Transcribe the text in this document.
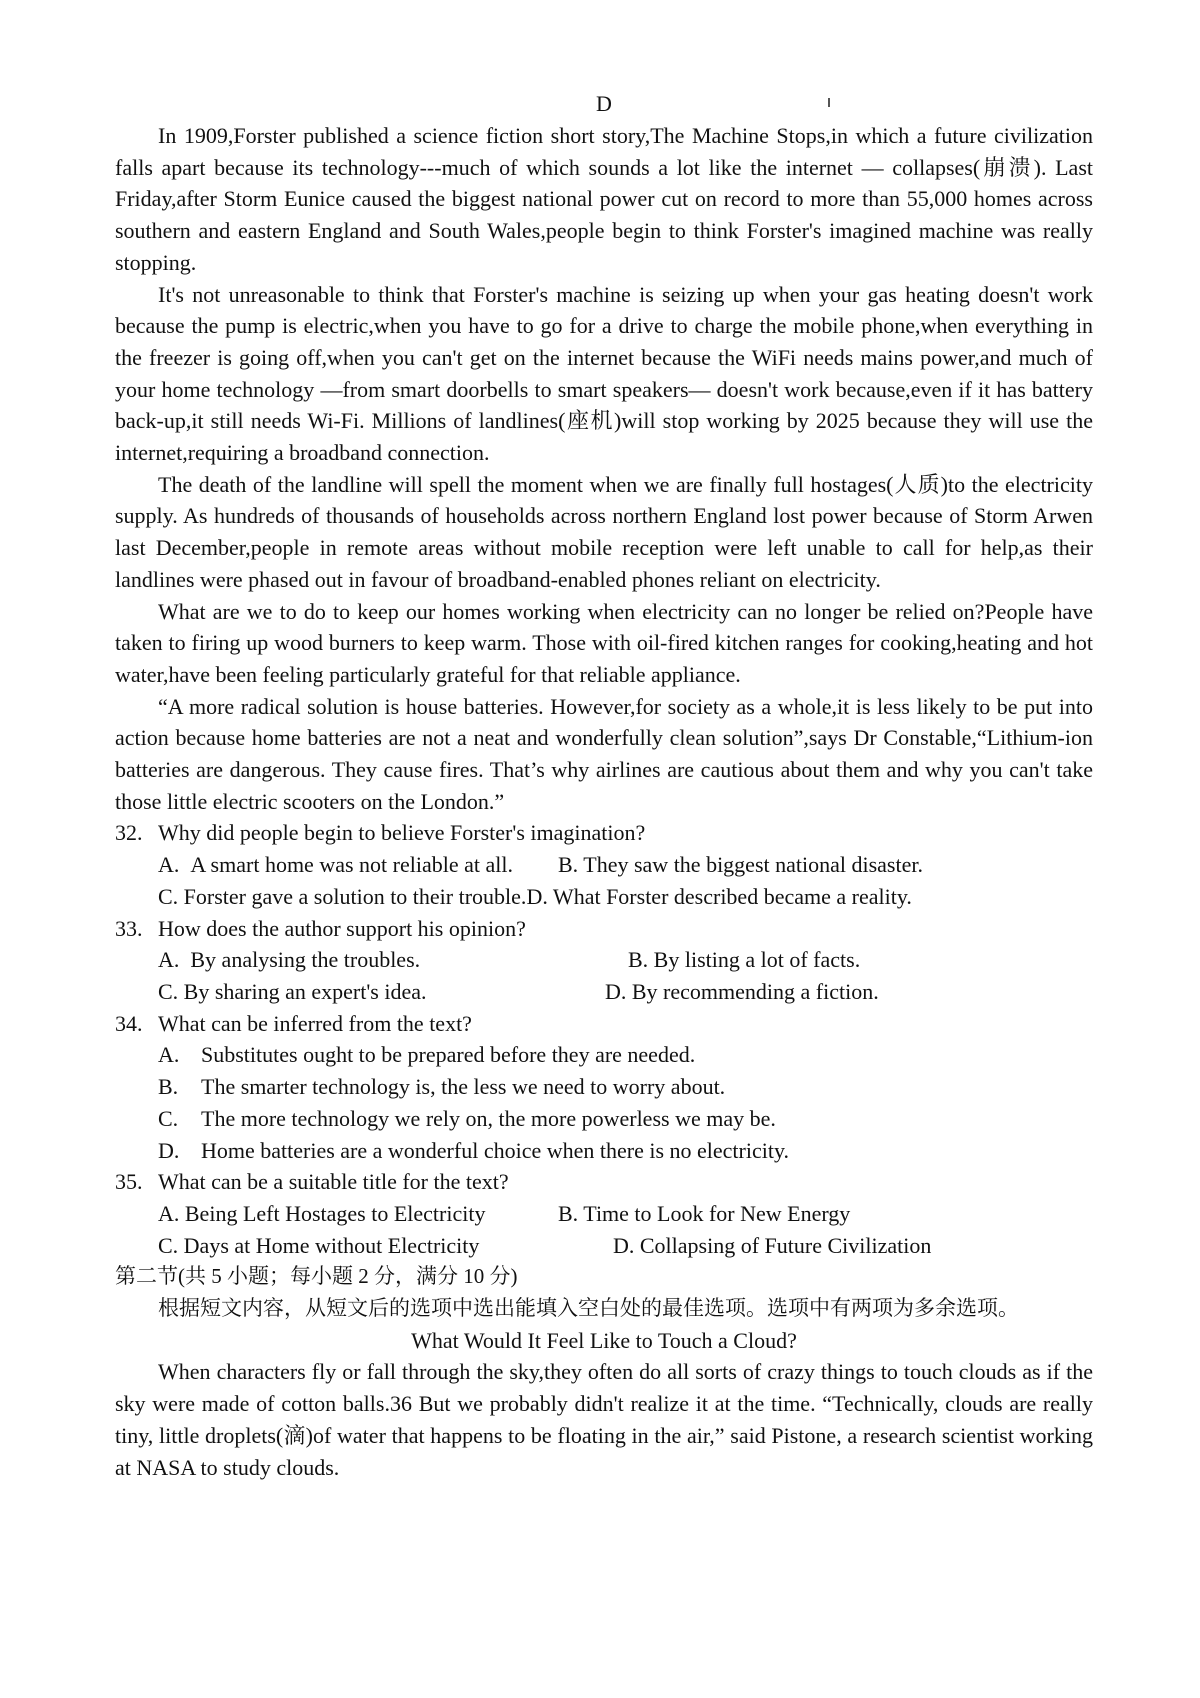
D

In 1909,Forster published a science fiction short story,The Machine Stops,in which a future civilization falls apart because its technology---much of which sounds a lot like the internet — collapses(崩溃). Last Friday,after Storm Eunice caused the biggest national power cut on record to more than 55,000 homes across southern and eastern England and South Wales,people begin to think Forster's imagined machine was really stopping.

It's not unreasonable to think that Forster's machine is seizing up when your gas heating doesn't work because the pump is electric,when you have to go for a drive to charge the mobile phone,when everything in the freezer is going off,when you can't get on the internet because the WiFi needs mains power,and much of your home technology —from smart doorbells to smart speakers— doesn't work because,even if it has battery back-up,it still needs Wi-Fi. Millions of landlines(座机)will stop working by 2025 because they will use the internet,requiring a broadband connection.

The death of the landline will spell the moment when we are finally full hostages(人质)to the electricity supply. As hundreds of thousands of households across northern England lost power because of Storm Arwen last December,people in remote areas without mobile reception were left unable to call for help,as their landlines were phased out in favour of broadband-enabled phones reliant on electricity.

What are we to do to keep our homes working when electricity can no longer be relied on?People have taken to firing up wood burners to keep warm. Those with oil-fired kitchen ranges for cooking,heating and hot water,have been feeling particularly grateful for that reliable appliance.

“A more radical solution is house batteries. However,for society as a whole,it is less likely to be put into action because home batteries are not a neat and wonderfully clean solution”,says Dr Constable,“Lithium-ion batteries are dangerous. They cause fires. That’s why airlines are cautious about them and why you can't take those little electric scooters on the London.”

32. Why did people begin to believe Forster's imagination?
A. A smart home was not reliable at all.	B. They saw the biggest national disaster.
C. Forster gave a solution to their trouble. D. What Forster described became a reality.
33. How does the author support his opinion?
A. By analysing the troubles.	B. By listing a lot of facts.
C. By sharing an expert's idea.	D. By recommending a fiction.
34. What can be inferred from the text?
A. Substitutes ought to be prepared before they are needed.
B.	The smarter technology is, the less we need to worry about.
C.	The more technology we rely on, the more powerless we may be.
D. Home batteries are a wonderful choice when there is no electricity.
35. What can be a suitable title for the text?
A. Being Left Hostages to Electricity	B. Time to Look for New Energy
C. Days at Home without Electricity	D. Collapsing of Future Civilization
第二节(共 5 小题；每小题 2 分，满分 10 分)

根据短文内容，从短文后的选项中选出能填入空白处的最佳选项。选项中有两项为多余选项。

What Would It Feel Like to Touch a Cloud?

When characters fly or fall through the sky,they often do all sorts of crazy things to touch clouds as if the sky were made of cotton balls.36 But we probably didn't realize it at the time. “Technically, clouds are really tiny, little droplets(滴)of water that happens to be floating in the air,” said Pistone, a research scientist working at NASA to study clouds.
